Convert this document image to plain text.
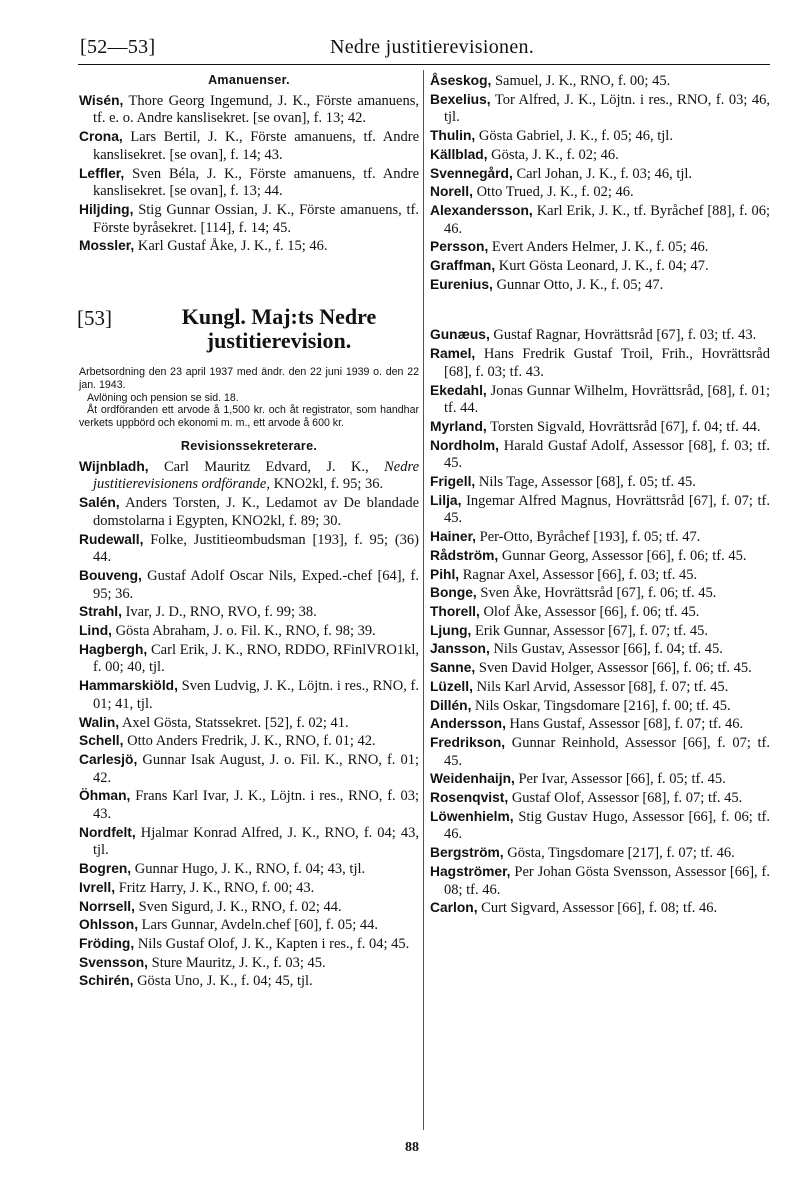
[52—53]	Nedre justitierevisionen.
Amanuenser.

Wisén, Thore Georg Ingemund, J. K., Förste amanuens, tf. e. o. Andre kanslisekret. [se ovan], f. 13; 42.

Crona, Lars Bertil, J. K., Förste amanuens, tf. Andre kanslisekret. [se ovan], f. 14; 43.

Leffler, Sven Béla, J. K., Förste amanuens, tf. Andre kanslisekret. [se ovan], f. 13; 44.

Hiljding, Stig Gunnar Ossian, J. K., Förste amanuens, tf. Förste byråsekret. [114], f. 14; 45.

Mossler, Karl Gustaf Åke, J. K., f. 15; 46.

[53]	Kungl. Maj:ts Nedre
justitierevision.

Arbetsordning den 23 april 1937 med ändr. den 22 juni 1939 o. den 22 jan. 1943.

Avlöning och pension se sid. 18.

Åt ordföranden ett arvode å 1,500 kr. och åt registrator, som handhar verkets uppbörd och ekonomi m. m., ett arvode å 600 kr.

Revisionssekreterare.

Wijnbladh, Carl Mauritz Edvard, J. K., Nedre justitierevisionens ordförande, KNO2kl, f. 95; 36.

Salén, Anders Torsten, J. K., Ledamot av De blandade domstolarna i Egypten, KNO2kl, f. 89; 30.

Rudewall, Folke, Justitieombudsman [193], f. 95; (36) 44.

Bouveng, Gustaf Adolf Oscar Nils, Exped.-chef [64], f. 95; 36.

Strahl, Ivar, J. D., RNO, RVO, f. 99; 38.

Lind, Gösta Abraham, J. o. Fil. K., RNO, f. 98; 39.

Hagbergh, Carl Erik, J. K., RNO, RDDO, RFinlVRO1kl, f. 00; 40, tjl.

Hammarskiöld, Sven Ludvig, J. K., Löjtn. i res., RNO, f. 01; 41, tjl.

Walin, Axel Gösta, Statssekret. [52], f. 02; 41.

Schell, Otto Anders Fredrik, J. K., RNO, f. 01; 42.

Carlesjö, Gunnar Isak August, J. o. Fil. K., RNO, f. 01; 42.

Öhman, Frans Karl Ivar, J. K., Löjtn. i res., RNO, f. 03; 43.

Nordfelt, Hjalmar Konrad Alfred, J. K., RNO, f. 04; 43, tjl.

Bogren, Gunnar Hugo, J. K., RNO, f. 04; 43, tjl.

Ivrell, Fritz Harry, J. K., RNO, f. 00; 43.

Norrsell, Sven Sigurd, J. K., RNO, f. 02; 44.

Ohlsson, Lars Gunnar, Avdeln.chef [60], f. 05; 44.

Fröding, Nils Gustaf Olof, J. K., Kapten i res., f. 04; 45.

Svensson, Sture Mauritz, J. K., f. 03; 45.

Schirén, Gösta Uno, J. K., f. 04; 45, tjl.

Åseskog, Samuel, J. K., RNO, f. 00; 45.

Bexelius, Tor Alfred, J. K., Löjtn. i res., RNO, f. 03; 46, tjl.

Thulin, Gösta Gabriel, J. K., f. 05; 46, tjl.

Källblad, Gösta, J. K., f. 02; 46.

Svennegård, Carl Johan, J. K., f. 03; 46, tjl.

Norell, Otto Trued, J. K., f. 02; 46.

Alexandersson, Karl Erik, J. K., tf. Byråchef [88], f. 06; 46.

Persson, Evert Anders Helmer, J. K., f. 05; 46.

Graffman, Kurt Gösta Leonard, J. K., f. 04; 47.

Eurenius, Gunnar Otto, J. K., f. 05; 47.

Gunæus, Gustaf Ragnar, Hovrättsråd [67], f. 03; tf. 43.

Ramel, Hans Fredrik Gustaf Troil, Frih., Hovrättsråd [68], f. 03; tf. 43.

Ekedahl, Jonas Gunnar Wilhelm, Hovrättsråd, [68], f. 01; tf. 44.

Myrland, Torsten Sigvald, Hovrättsråd [67], f. 04; tf. 44.

Nordholm, Harald Gustaf Adolf, Assessor [68], f. 03; tf. 45.

Frigell, Nils Tage, Assessor [68], f. 05; tf. 45.

Lilja, Ingemar Alfred Magnus, Hovrättsråd [67], f. 07; tf. 45.

Hainer, Per-Otto, Byråchef [193], f. 05; tf. 47.

Rådström, Gunnar Georg, Assessor [66], f. 06; tf. 45.

Pihl, Ragnar Axel, Assessor [66], f. 03; tf. 45.

Bonge, Sven Åke, Hovrättsråd [67], f. 06; tf. 45.

Thorell, Olof Åke, Assessor [66], f. 06; tf. 45.

Ljung, Erik Gunnar, Assessor [67], f. 07; tf. 45.

Jansson, Nils Gustav, Assessor [66], f. 04; tf. 45.

Sanne, Sven David Holger, Assessor [66], f. 06; tf. 45.

Lüzell, Nils Karl Arvid, Assessor [68], f. 07; tf. 45.

Dillén, Nils Oskar, Tingsdomare [216], f. 00; tf. 45.

Andersson, Hans Gustaf, Assessor [68], f. 07; tf. 46.

Fredrikson, Gunnar Reinhold, Assessor [66], f. 07; tf. 45.

Weidenhaijn, Per Ivar, Assessor [66], f. 05; tf. 45.

Rosenqvist, Gustaf Olof, Assessor [68], f. 07; tf. 45.

Löwenhielm, Stig Gustav Hugo, Assessor [66], f. 06; tf. 46.

Bergström, Gösta, Tingsdomare [217], f. 07; tf. 46.

Hagströmer, Per Johan Gösta Svensson, Assessor [66], f. 08; tf. 46.

Carlon, Curt Sigvard, Assessor [66], f. 08; tf. 46.

88
